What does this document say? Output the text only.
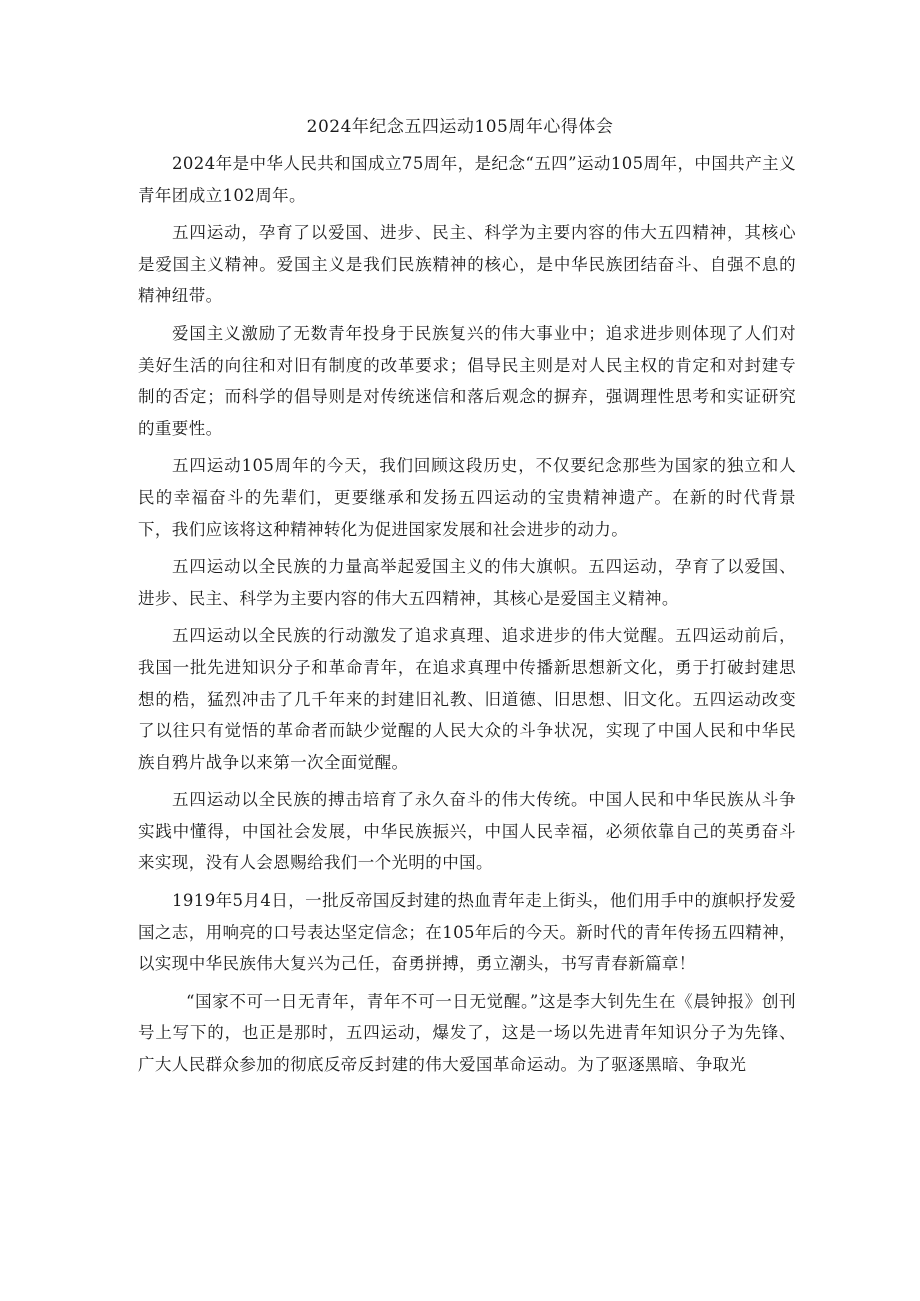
2024年纪念五四运动105周年心得体会

2024年是中华人民共和国成立75周年，是纪念“五四”运动105周年，中国共产主义青年团成立102周年。

五四运动，孕育了以爱国、进步、民主、科学为主要内容的伟大五四精神，其核心是爱国主义精神。爱国主义是我们民族精神的核心，是中华民族团结奋斗、自强不息的精神纽带。

爱国主义激励了无数青年投身于民族复兴的伟大事业中；追求进步则体现了人们对美好生活的向往和对旧有制度的改革要求；倡导民主则是对人民主权的肯定和对封建专制的否定；而科学的倡导则是对传统迷信和落后观念的摒弃，强调理性思考和实证研究的重要性。

五四运动105周年的今天，我们回顾这段历史，不仅要纪念那些为国家的独立和人民的幸福奋斗的先辈们，更要继承和发扬五四运动的宝贵精神遗产。在新的时代背景下，我们应该将这种精神转化为促进国家发展和社会进步的动力。

五四运动以全民族的力量高举起爱国主义的伟大旗帜。五四运动，孕育了以爱国、进步、民主、科学为主要内容的伟大五四精神，其核心是爱国主义精神。

五四运动以全民族的行动激发了追求真理、追求进步的伟大觉醒。五四运动前后，我国一批先进知识分子和革命青年，在追求真理中传播新思想新文化，勇于打破封建思想的梏，猛烈冲击了几千年来的封建旧礼教、旧道德、旧思想、旧文化。五四运动改变了以往只有觉悟的革命者而缺少觉醒的人民大众的斗争状况，实现了中国人民和中华民族自鸦片战争以来第一次全面觉醒。

五四运动以全民族的搏击培育了永久奋斗的伟大传统。中国人民和中华民族从斗争实践中懂得，中国社会发展，中华民族振兴，中国人民幸福，必须依靠自己的英勇奋斗来实现，没有人会恩赐给我们一个光明的中国。

1919年5月4日，一批反帝国反封建的热血青年走上街头，他们用手中的旗帜抒发爱国之志，用响亮的口号表达坚定信念；在105年后的今天。新时代的青年传扬五四精神，以实现中华民族伟大复兴为己任，奋勇拼搏，勇立潮头，书写青春新篇章！

“国家不可一日无青年，青年不可一日无觉醒。”这是李大钊先生在《晨钟报》创刊号上写下的，也正是那时，五四运动，爆发了，这是一场以先进青年知识分子为先锋、广大人民群众参加的彻底反帝反封建的伟大爱国革命运动。为了驱逐黑暗、争取光
